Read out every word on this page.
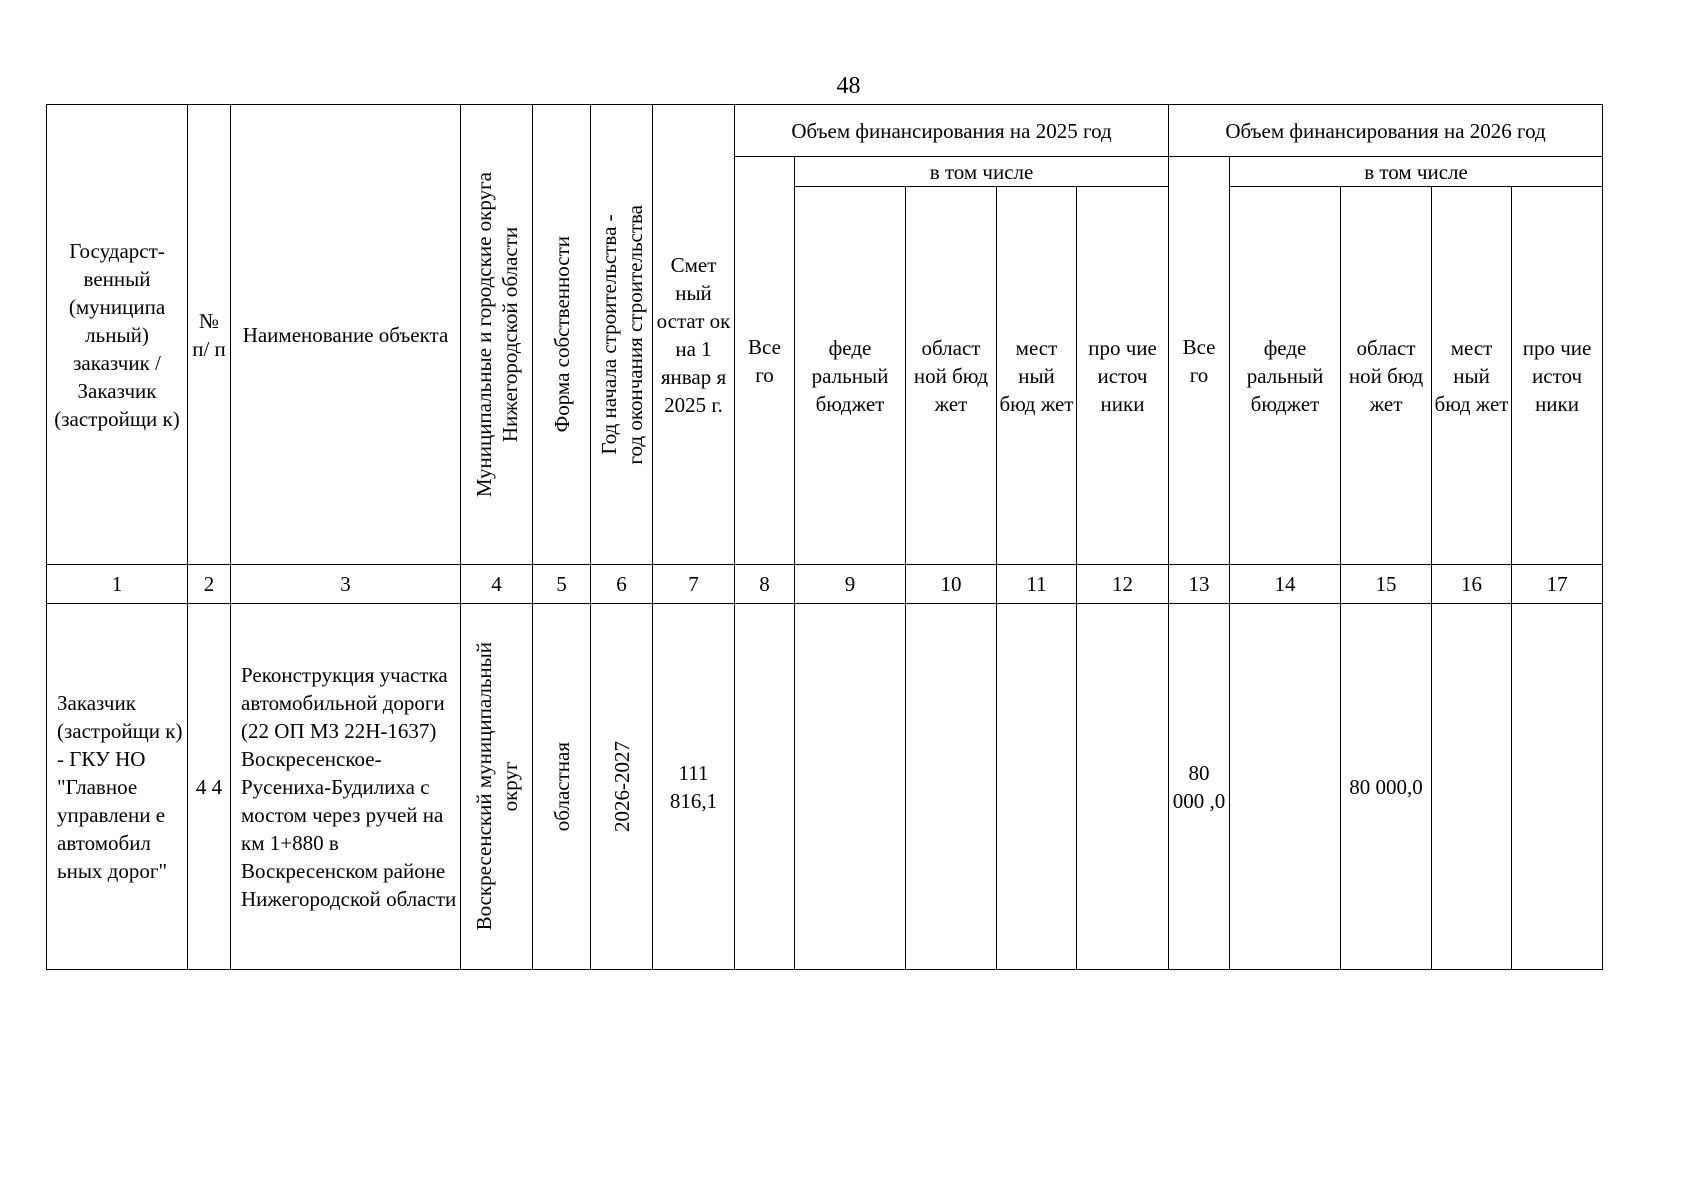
48
Государст-венный (муниципа льный) заказчик / Заказчик (застройщи к)	№ п/ п	Наименование объекта	Муниципальные и городские округа Нижегородской области	Форма собственности	Год начала строительства - год окончания строительства	Смет ный остат ок на 1 январ я 2025 г.	Объем финансирования на 2025 год					Объем финансирования на 2026 год				
							Все го	в том числе				Все го	в том числе			
								феде ральный бюджет	област ной бюд жет	мест ный бюд жет	про чие источ ники		феде ральный бюджет	област ной бюд жет	мест ный бюд жет	про чие источ ники
1	2	3	4	5	6	7	8	9	10	11	12	13	14	15	16	17
Заказчик (застройщи к) - ГКУ НО "Главное управлени е автомобил ьных дорог"	4 4	Реконструкция участка автомобильной дороги (22 ОП МЗ 22Н-1637) Воскресенское-Русениха-Будилиха с мостом через ручей на км 1+880 в Воскресенском районе Нижегородской области	Воскресенский муниципальный округ	областная	2026-2027	111 816,1						80 000 ,0		80 000,0		
